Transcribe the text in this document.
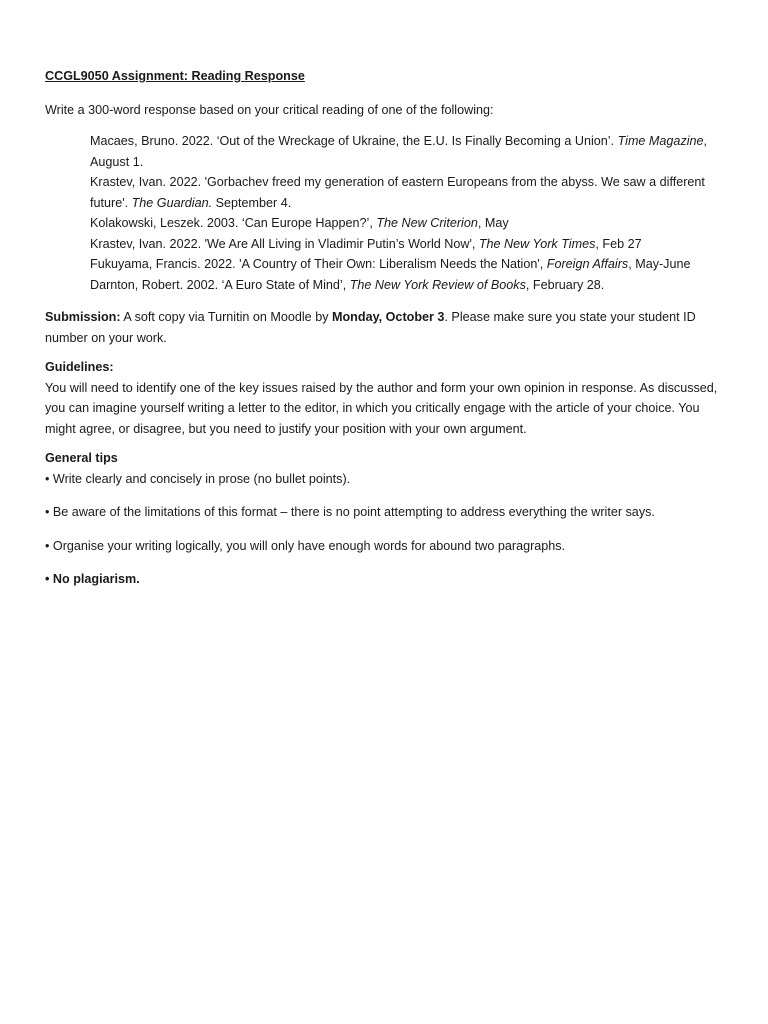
CCGL9050 Assignment: Reading Response

Write a 300-word response based on your critical reading of one of the following:

Macaes, Bruno. 2022. ‘Out of the Wreckage of Ukraine, the E.U. Is Finally Becoming a Union’. Time Magazine, August 1.

Krastev, Ivan. 2022. 'Gorbachev freed my generation of eastern Europeans from the abyss. We saw a different future'. The Guardian. September 4.

Kolakowski, Leszek. 2003. ‘Can Europe Happen?’, The New Criterion, May

Krastev, Ivan. 2022. 'We Are All Living in Vladimir Putin’s World Now', The New York Times, Feb 27

Fukuyama, Francis. 2022. 'A Country of Their Own: Liberalism Needs the Nation', Foreign Affairs, May-June

Darnton, Robert. 2002. ‘A Euro State of Mind’, The New York Review of Books, February 28.

Submission: A soft copy via Turnitin on Moodle by Monday, October 3. Please make sure you state your student ID number on your work.

Guidelines:

You will need to identify one of the key issues raised by the author and form your own opinion in response. As discussed, you can imagine yourself writing a letter to the editor, in which you critically engage with the article of your choice. You might agree, or disagree, but you need to justify your position with your own argument.

General tips

• Write clearly and concisely in prose (no bullet points).

• Be aware of the limitations of this format – there is no point attempting to address everything the writer says.

• Organise your writing logically, you will only have enough words for abound two paragraphs.

• No plagiarism.
